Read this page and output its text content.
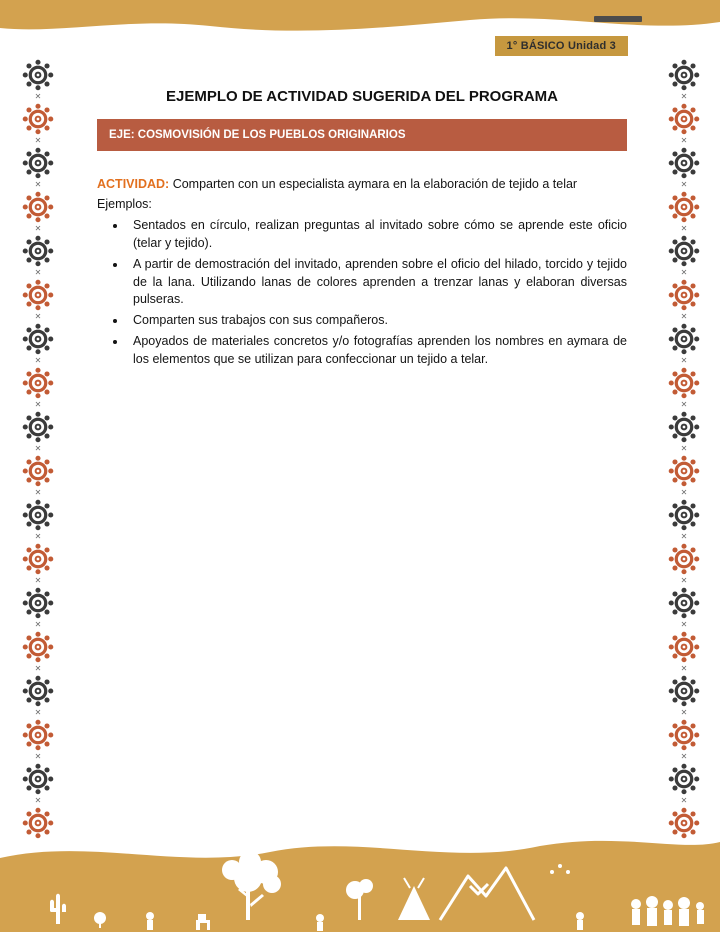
1° BÁSICO Unidad 3
✕
✕
✕
✕
✕
✕
✕
✕
✕
✕
✕
✕
✕
✕
✕
✕
✕
✕
✕
✕
✕
✕
✕
✕
✕
✕
✕
✕
✕
✕
✕
✕
✕
✕
EJEMPLO DE ACTIVIDAD SUGERIDA DEL PROGRAMA
EJE: COSMOVISIÓN DE LOS PUEBLOS ORIGINARIOS

ACTIVIDAD: Comparten con un especialista aymara en la elaboración de tejido a telar

Ejemplos:

• Sentados en círculo, realizan preguntas al invitado sobre cómo se aprende este oficio (telar y tejido).
• A partir de demostración del invitado, aprenden sobre el oficio del hilado, torcido y tejido de la lana. Utilizando lanas de colores aprenden a trenzar lanas y elaboran diversas pulseras.
• Comparten sus trabajos con sus compañeros.
• Apoyados de materiales concretos y/o fotografías aprenden los nombres en aymara de los elementos que se utilizan para confeccionar un tejido a telar.
